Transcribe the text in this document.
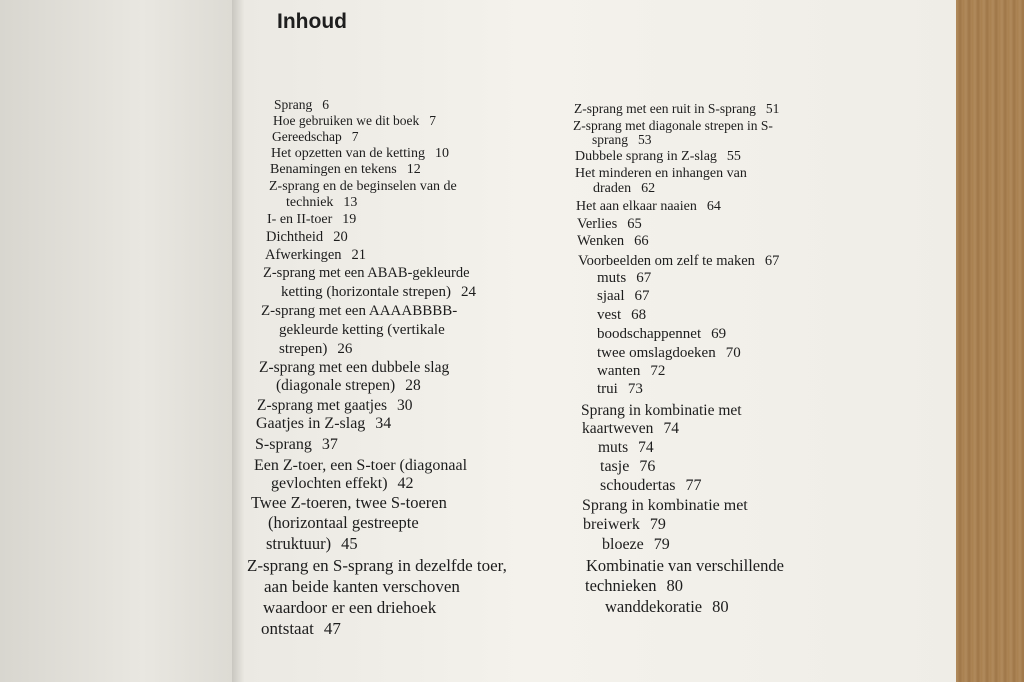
Inhoud
Sprang 6
Hoe gebruiken we dit boek 7
Gereedschap 7
Het opzetten van de ketting 10
Benamingen en tekens 12
Z-sprang en de beginselen van de
techniek 13
I- en II-toer 19
Dichtheid 20
Afwerkingen 21
Z-sprang met een ABAB-gekleurde
ketting (horizontale strepen) 24
Z-sprang met een AAAABBBB-
gekleurde ketting (vertikale
strepen) 26
Z-sprang met een dubbele slag
(diagonale strepen) 28
Z-sprang met gaatjes 30
Gaatjes in Z-slag 34
S-sprang 37
Een Z-toer, een S-toer (diagonaal
gevlochten effekt) 42
Twee Z-toeren, twee S-toeren
(horizontaal gestreepte
struktuur) 45
Z-sprang en S-sprang in dezelfde toer,
aan beide kanten verschoven
waardoor er een driehoek
ontstaat 47
Z-sprang met een ruit in S-sprang 51
Z-sprang met diagonale strepen in S-
sprang 53
Dubbele sprang in Z-slag 55
Het minderen en inhangen van
draden 62
Het aan elkaar naaien 64
Verlies 65
Wenken 66
Voorbeelden om zelf te maken 67
muts 67
sjaal 67
vest 68
boodschappennet 69
twee omslagdoeken 70
wanten 72
trui 73
Sprang in kombinatie met
kaartweven 74
muts 74
tasje 76
schoudertas 77
Sprang in kombinatie met
breiwerk 79
bloeze 79
Kombinatie van verschillende
technieken 80
wanddekoratie 80
